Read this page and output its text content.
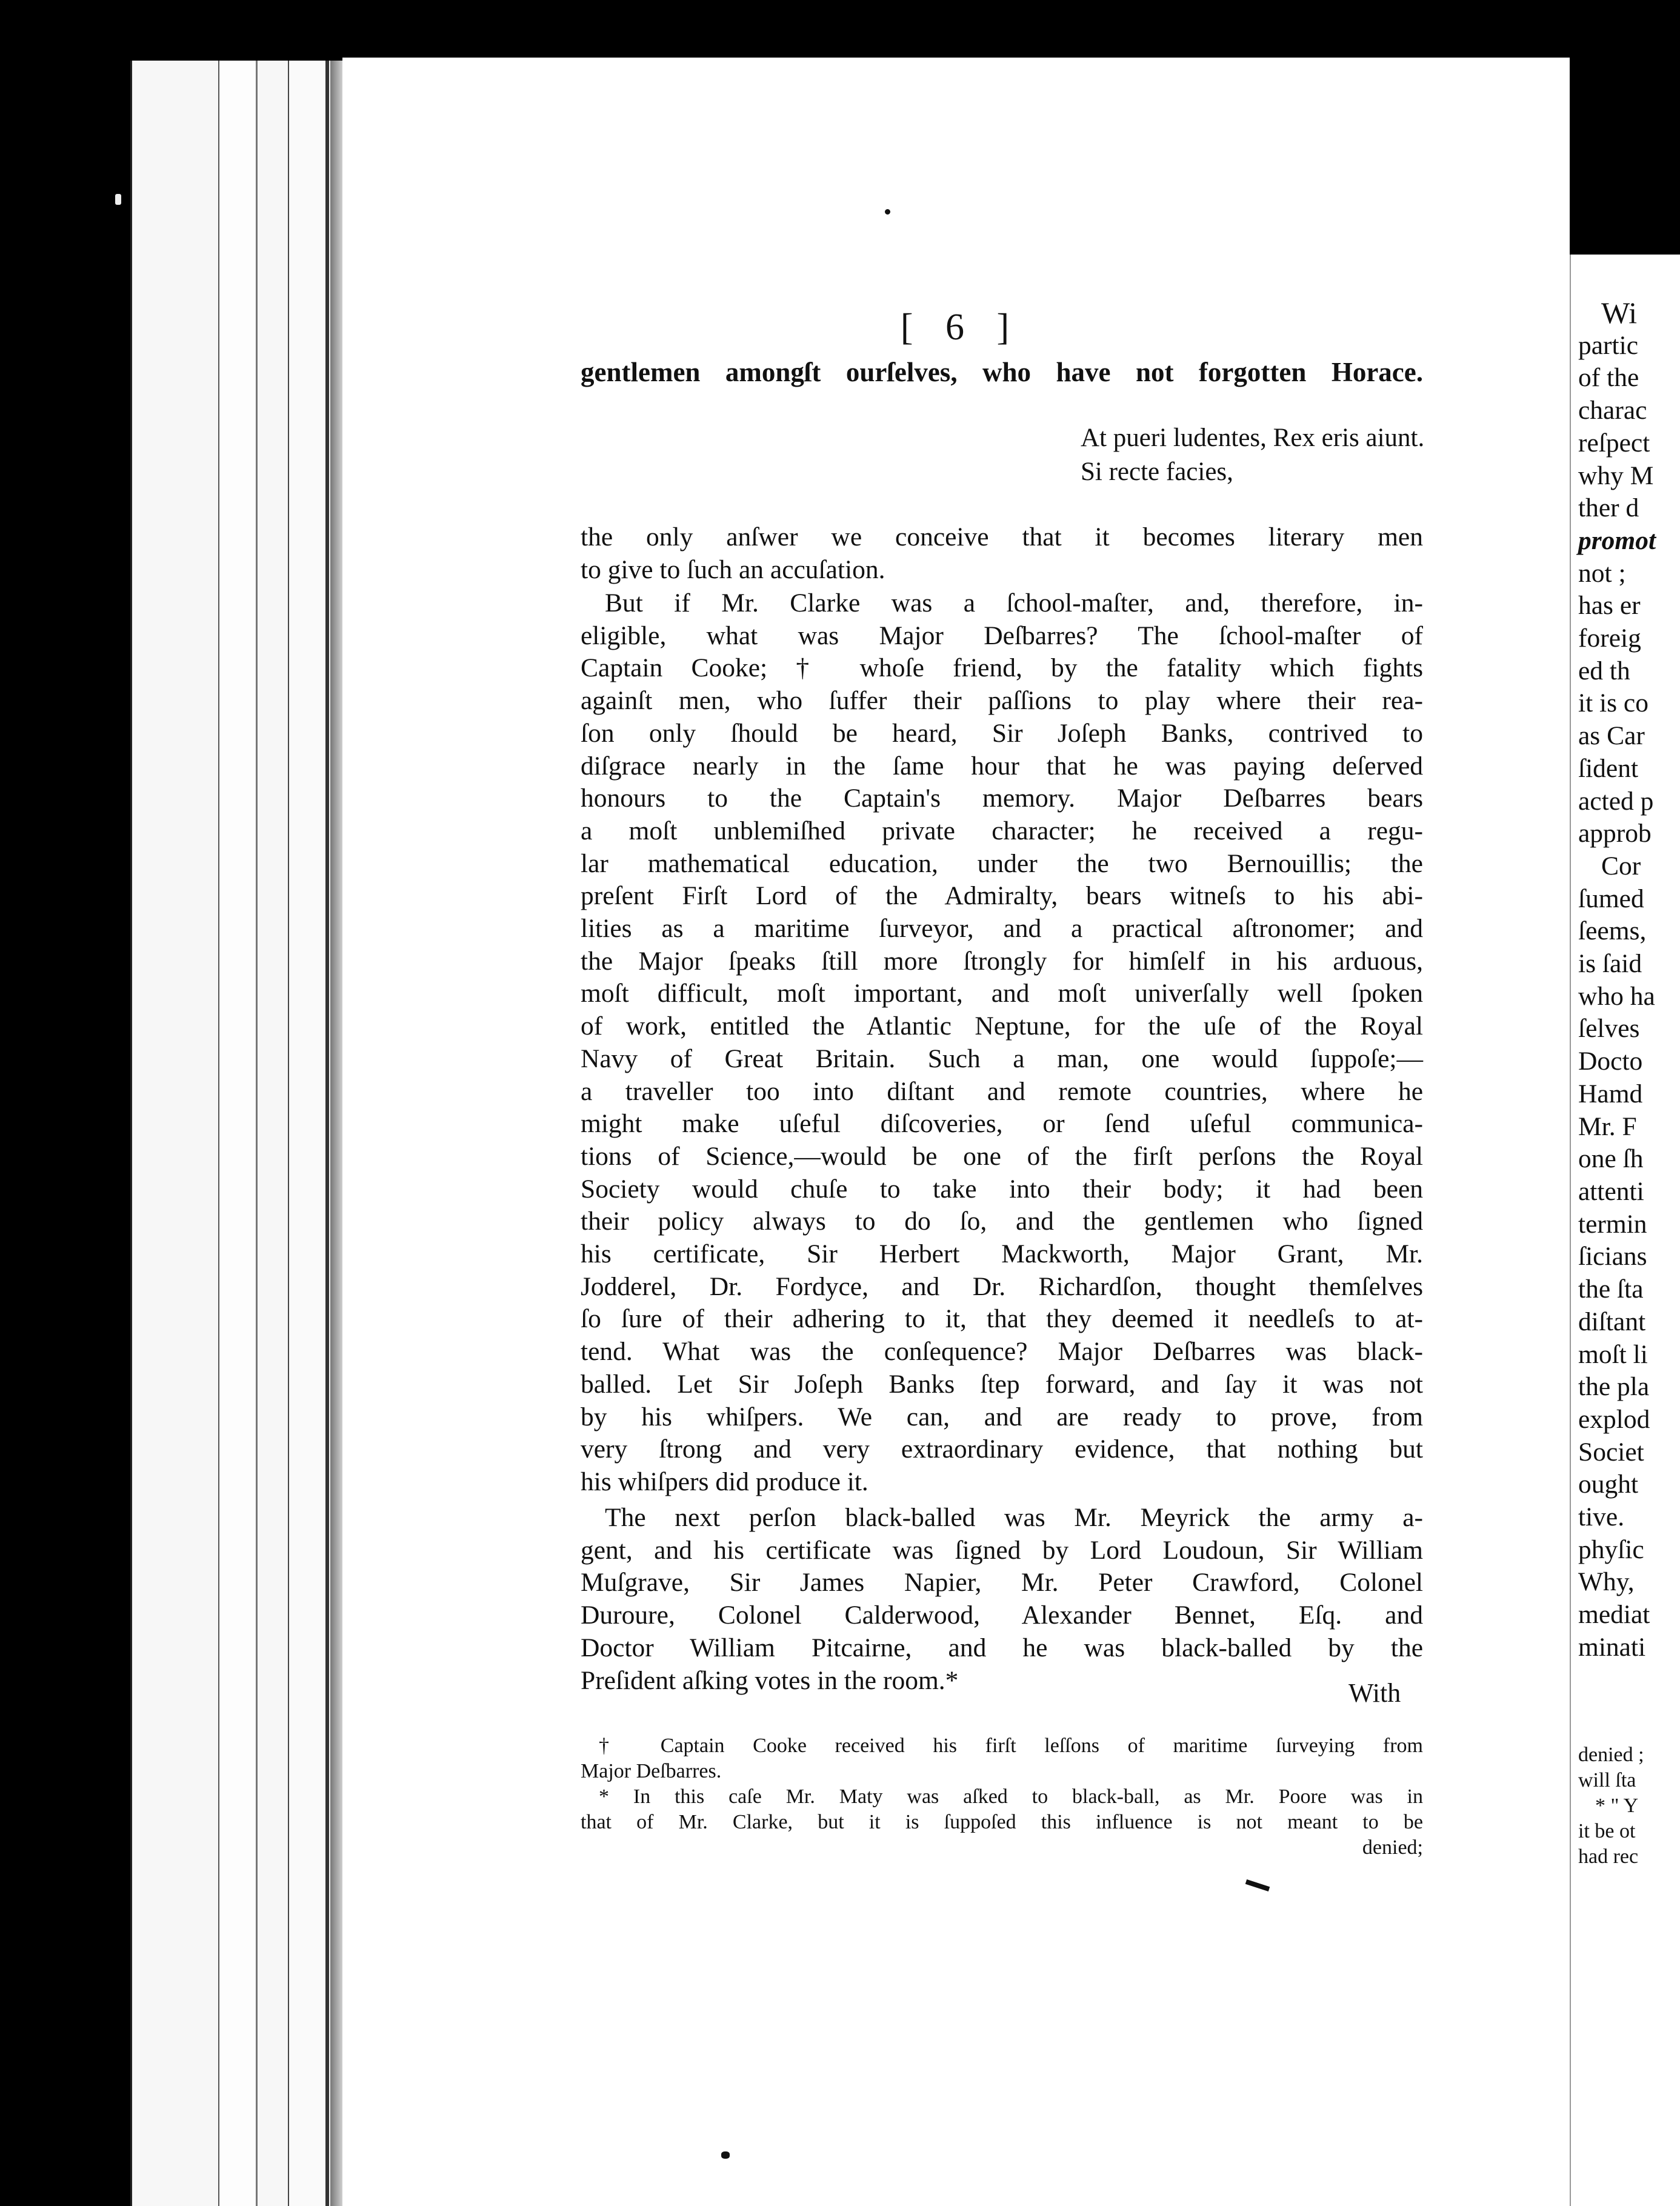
[ 6 ]
gentlemen amongſt ourſelves, who have not forgotten Horace.
At pueri ludentes, Rex eris aiunt.
Si recte facies,
the only anſwer we conceive that it becomes literary men
to give to ſuch an accuſation.
But if Mr. Clarke was a ſchool-maſter, and, therefore, in-
eligible, what was Major Deſbarres? The ſchool-maſter of
Captain Cooke; † whoſe friend, by the fatality which fights
againſt men, who ſuffer their paſſions to play where their rea-
ſon only ſhould be heard, Sir Joſeph Banks, contrived to
diſgrace nearly in the ſame hour that he was paying deſerved
honours to the Captain's memory. Major Deſbarres bears
a moſt unblemiſhed private character; he received a regu-
lar mathematical education, under the two Bernouillis; the
preſent Firſt Lord of the Admiralty, bears witneſs to his abi-
lities as a maritime ſurveyor, and a practical aſtronomer; and
the Major ſpeaks ſtill more ſtrongly for himſelf in his arduous,
moſt difficult, moſt important, and moſt univerſally well ſpoken
of work, entitled the Atlantic Neptune, for the uſe of the Royal
Navy of Great Britain. Such a man, one would ſuppoſe;—
a traveller too into diſtant and remote countries, where he
might make uſeful diſcoveries, or ſend uſeful communica-
tions of Science,—would be one of the firſt perſons the Royal
Society would chuſe to take into their body; it had been
their policy always to do ſo, and the gentlemen who ſigned
his certificate, Sir Herbert Mackworth, Major Grant, Mr.
Jodderel, Dr. Fordyce, and Dr. Richardſon, thought themſelves
ſo ſure of their adhering to it, that they deemed it needleſs to at-
tend. What was the conſequence? Major Deſbarres was black-
balled. Let Sir Joſeph Banks ſtep forward, and ſay it was not
by his whiſpers. We can, and are ready to prove, from
very ſtrong and very extraordinary evidence, that nothing but
his whiſpers did produce it.
The next perſon black-balled was Mr. Meyrick the army a-
gent, and his certificate was ſigned by Lord Loudoun, Sir William
Muſgrave, Sir James Napier, Mr. Peter Crawford, Colonel
Duroure, Colonel Calderwood, Alexander Bennet, Eſq. and
Doctor William Pitcairne, and he was black-balled by the
Preſident aſking votes in the room.*	With
† Captain Cooke received his firſt leſſons of maritime ſurveying from
Major Deſbarres.
* In this caſe Mr. Maty was aſked to black-ball, as Mr. Poore was in
that of Mr. Clarke, but it is ſuppoſed this influence is not meant to be
denied;
Wi
partic
of the
charac
reſpect
why M
ther d
promot
not ;
has er
foreig
ed th
it is co
as Car
ſident
acted p
approb
Cor
ſumed
ſeems,
is ſaid
who ha
ſelves
Docto
Hamd
Mr. F
one ſh
attenti
termin
ſicians
the ſta
diſtant
moſt li
the pla
explod
Societ
ought
tive.
phyſic
Why,
mediat
minati
denied ;
will ſta
* " Y
it be ot
had rec
